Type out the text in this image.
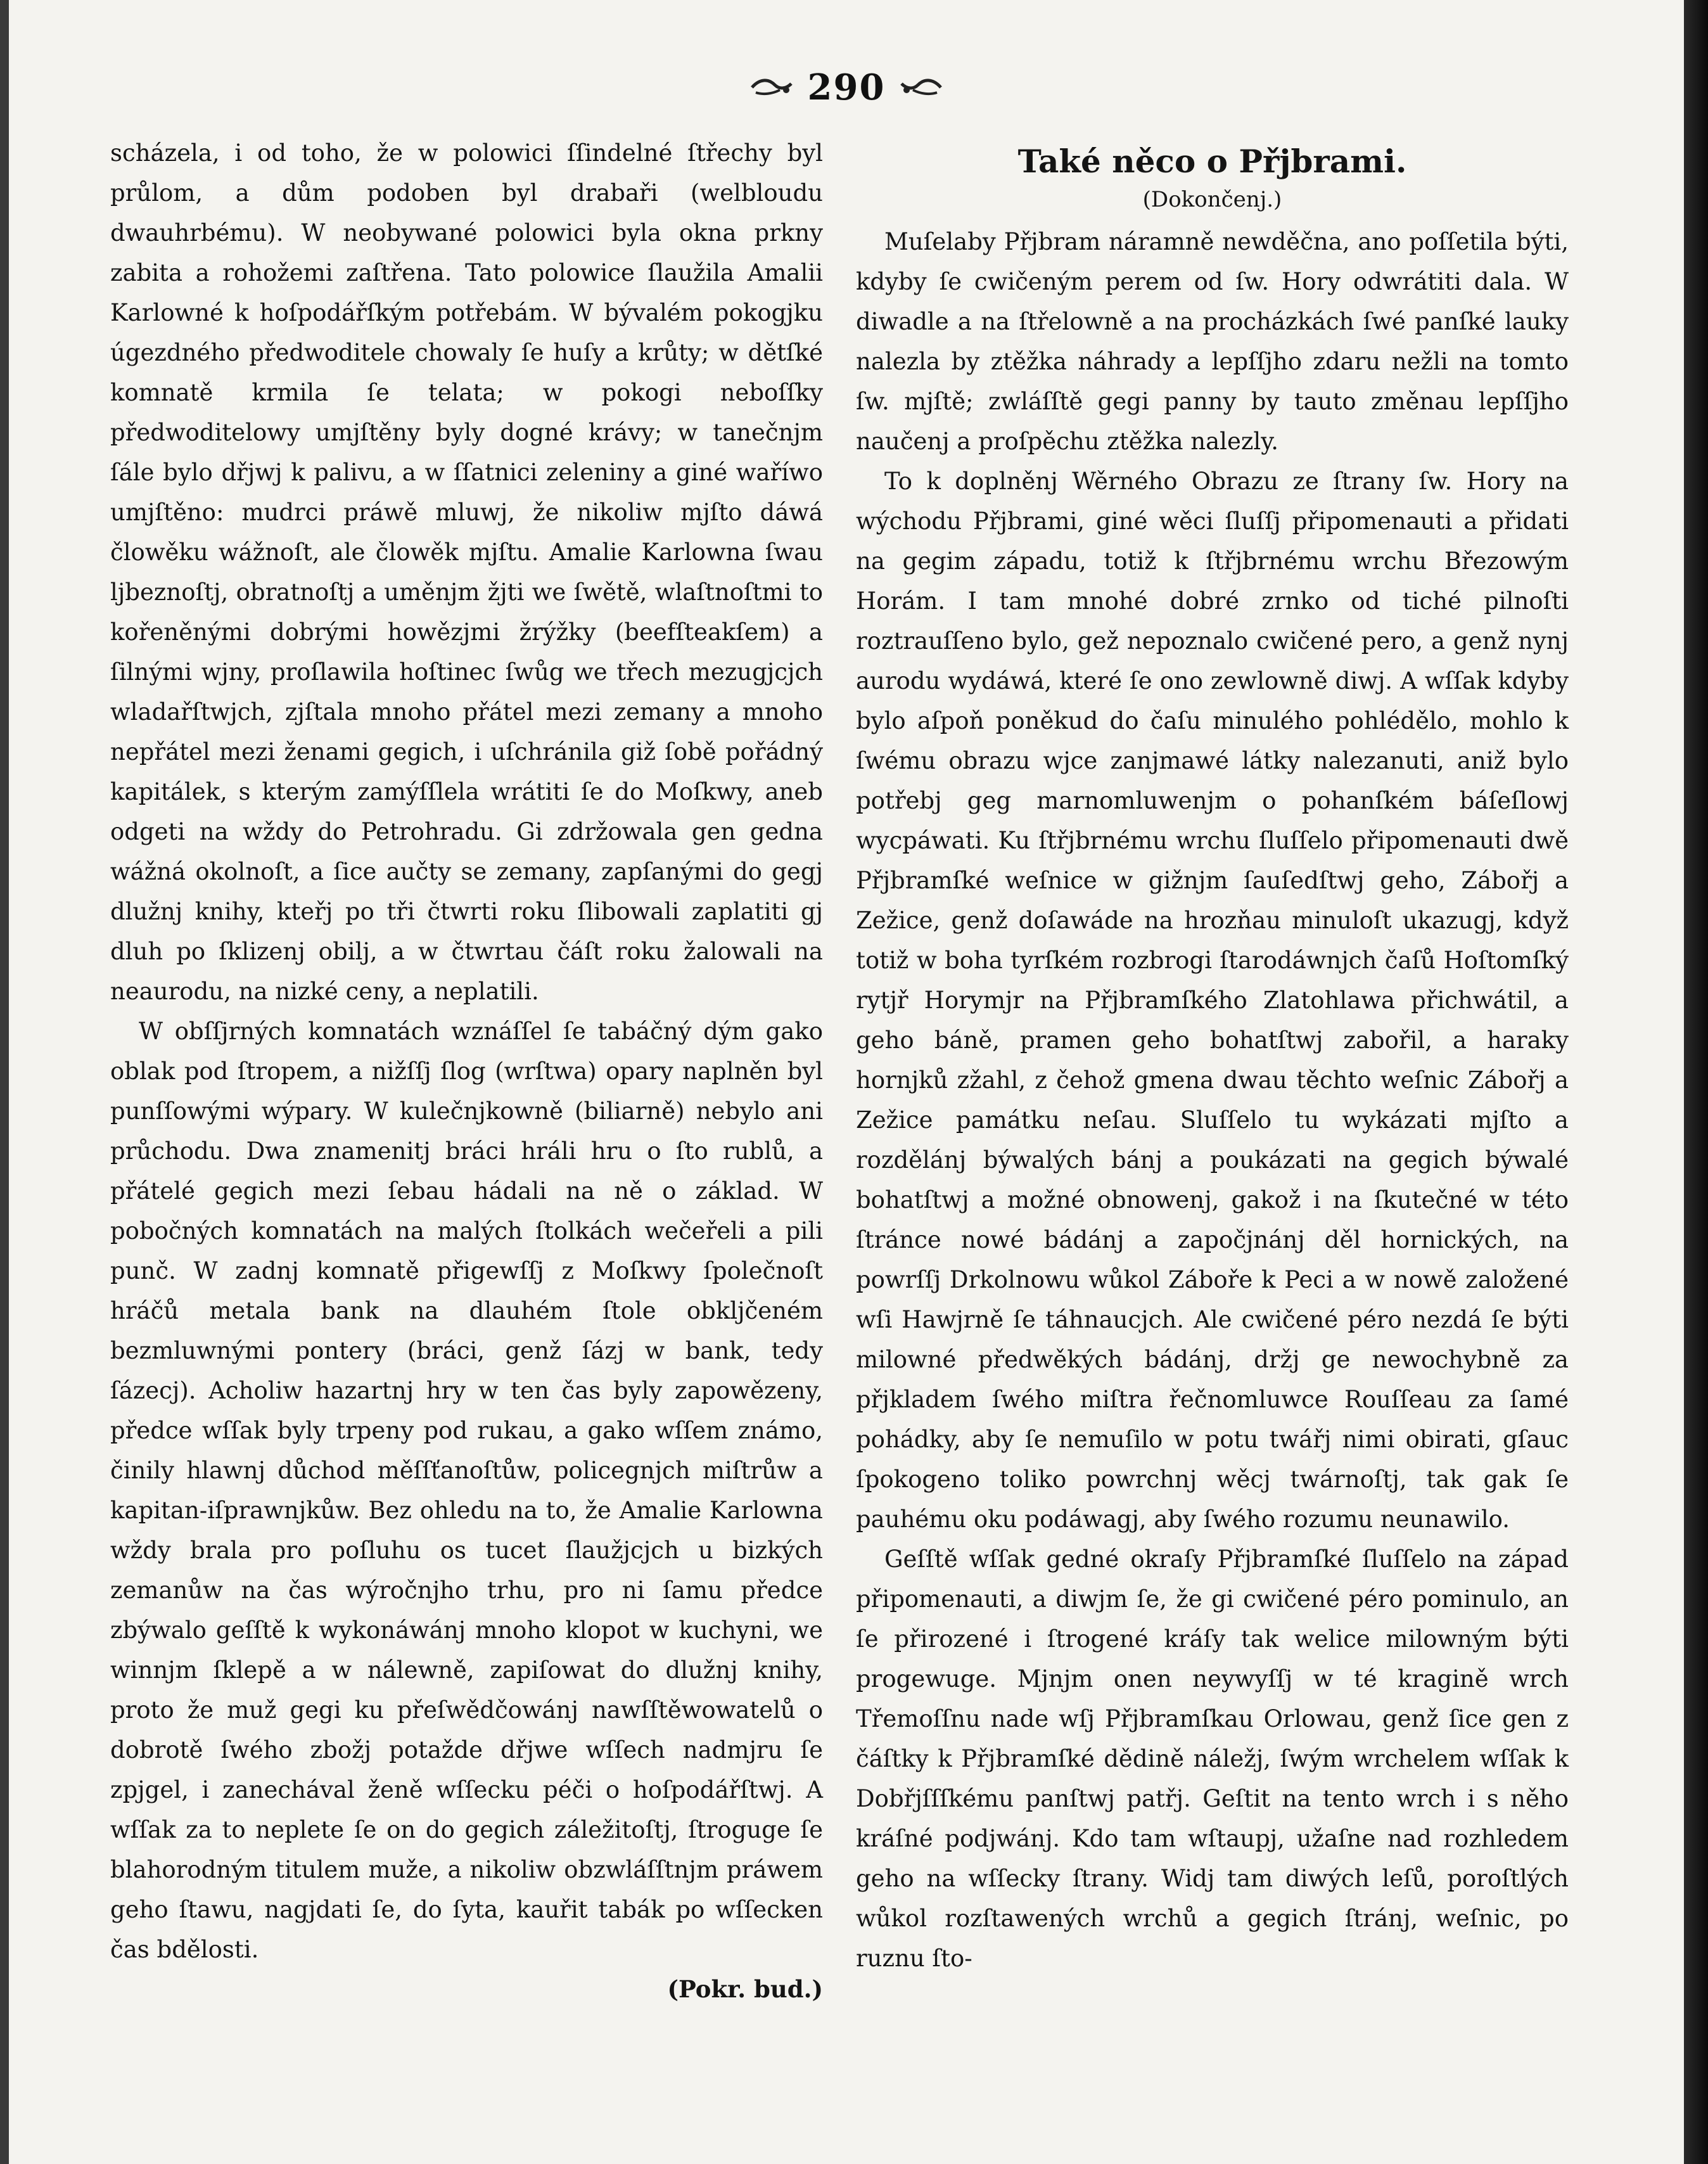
290

scházela, i od toho, že w polowici ſſindelné ſtřechy byl průlom, a dům podoben byl drabaři (welbloudu dwauhrbému). W neobywané polowici byla okna prkny zabita a rohožemi zaſtřena. Tato polowice ſlaužila Amalii Karlowné k hoſpodářſkým potřebám. W bývalém pokogjku úgezdného předwoditele chowaly ſe huſy a krůty; w dětſké komnatě krmila ſe telata; w pokogi neboſſky předwoditelowy umjſtěny byly dogné krávy; w tanečnjm ſále bylo dřjwj k palivu, a w ſſatnici zeleniny a giné waříwo umjſtěno: mudrci práwě mluwj, že nikoliw mjſto dáwá člowěku wážnoſt, ale člowěk mjſtu. Amalie Karlowna ſwau ljbeznoſtj, obratnoſtj a uměnjm žjti we ſwětě, wlaſtnoſtmi to kořeněnými dobrými howězjmi žrýžky (beefſteakſem) a ſilnými wjny, proſlawila hoſtinec ſwůg we třech mezugjcjch wladařſtwjch, zjſtala mnoho přátel mezi zemany a mnoho nepřátel mezi ženami gegich, i uſchránila giž ſobě pořádný kapitálek, s kterým zamýſſlela wrátiti ſe do Moſkwy, aneb odgeti na wždy do Petrohradu. Gi zdržowala gen gedna wážná okolnoſt, a ſice aučty se zemany, zapſanými do gegj dlužnj knihy, kteřj po tři čtwrti roku ſlibowali zaplatiti gj dluh po ſklizenj obilj, a w čtwrtau čáſt roku žalowali na neaurodu, na nizké ceny, a neplatili.

W obſſjrných komnatách wznáſſel ſe tabáčný dým gako oblak pod ſtropem, a nižſſj ſlog (wrſtwa) opary naplněn byl punſſowými wýpary. W kulečnjkowně (biliarně) nebylo ani průchodu. Dwa znamenitj bráci hráli hru o ſto rublů, a přátelé gegich mezi ſebau hádali na ně o základ. W pobočných komnatách na malých ſtolkách wečeřeli a pili punč. W zadnj komnatě přigewſſj z Moſkwy ſpolečnoſt hráčů metala bank na dlauhém ſtole obkljčeném bezmluwnými pontery (bráci, genž ſázj w bank, tedy ſázecj). Acholiw hazartnj hry w ten čas byly zapowězeny, předce wſſak byly trpeny pod rukau, a gako wſſem známo, činily hlawnj důchod měſſťanoſtůw, policegnjch miſtrůw a kapitan-iſprawnjkůw. Bez ohledu na to, že Amalie Karlowna wždy brala pro poſluhu os tucet ſlaužjcjch u bizkých zemanůw na čas wýročnjho trhu, pro ni ſamu předce zbýwalo geſſtě k wykonáwánj mnoho klopot w kuchyni, we winnjm ſklepě a w nálewně, zapiſowat do dlužnj knihy, proto že muž gegi ku přeſwědčowánj nawſſtěwowatelů o dobrotě ſwého zbožj potažde dřjwe wſſech nadmjru ſe zpjgel, i zanechával ženě wſſecku péči o hoſpodářſtwj. A wſſak za to neplete ſe on do gegich záležitoſtj, ſtroguge ſe blahorodným titulem muže, a nikoliw obzwláſſtnjm práwem geho ſtawu, nagjdati ſe, do ſyta, kauřit tabák po wſſecken čas bdělosti.

(Pokr. bud.)
Také něco o Přjbrami.
(Dokončenj.)

Muſelaby Přjbram náramně newděčna, ano poſſetila býti, kdyby ſe cwičeným perem od ſw. Hory odwrátiti dala. W diwadle a na ſtřelowně a na procházkách ſwé panſké lauky nalezla by ztěžka náhrady a lepſſjho zdaru nežli na tomto ſw. mjſtě; zwláſſtě gegi panny by tauto změnau lepſſjho naučenj a proſpěchu ztěžka nalezly.

To k doplněnj Wěrného Obrazu ze ſtrany ſw. Hory na wýchodu Přjbrami, giné wěci ſluſſj připomenauti a přidati na gegim západu, totiž k ſtřjbrnému wrchu Březowým Horám. I tam mnohé dobré zrnko od tiché pilnoſti roztrauſſeno bylo, gež nepoznalo cwičené pero, a genž nynj aurodu wydáwá, které ſe ono zewlowně diwj. A wſſak kdyby bylo aſpoň poněkud do čaſu minulého pohlédělo, mohlo k ſwému obrazu wjce zanjmawé látky nalezanuti, aniž bylo potřebj geg marnomluwenjm o pohanſkém báſeſlowj wycpáwati. Ku ſtřjbrnému wrchu ſluſſelo připomenauti dwě Přjbramſké weſnice w gižnjm ſauſedſtwj geho, Zábořj a Zežice, genž doſawáde na hrozňau minuloſt ukazugj, když totiž w boha tyrſkém rozbrogi ſtarodáwnjch čaſů Hoſtomſký rytjř Horymjr na Přjbramſkého Zlatohlawa přichwátil, a geho báně, pramen geho bohatſtwj zabořil, a haraky hornjků zžahl, z čehož gmena dwau těchto weſnic Zábořj a Zežice památku neſau. Sluſſelo tu wykázati mjſto a rozdělánj býwalých bánj a poukázati na gegich býwalé bohatſtwj a možné obnowenj, gakož i na ſkutečné w této ſtránce nowé bádánj a započjnánj děl hornických, na powrſſj Drkolnowu wůkol Záboře k Peci a w nowě založené wſi Hawjrně ſe táhnaucjch. Ale cwičené péro nezdá ſe býti milowné předwěkých bádánj, držj ge newochybně za přjkladem ſwého miſtra řečnomluwce Rouſſeau za ſamé pohádky, aby ſe nemuſilo w potu twářj nimi obirati, gſauc ſpokogeno toliko powrchnj wěcj twárnoſtj, tak gak ſe pauhému oku podáwagj, aby ſwého rozumu neunawilo.

Geſſtě wſſak gedné okraſy Přjbramſké ſluſſelo na západ připomenauti, a diwjm ſe, že gi cwičené péro pominulo, an ſe přirozené i ſtrogené kráſy tak welice milowným býti progewuge. Mjnjm onen neywyſſj w té kragině wrch Třemoſſnu nade wſj Přjbramſkau Orlowau, genž ſice gen z čáſtky k Přjbramſké dědině náležj, ſwým wrchelem wſſak k Dobřjſſſkému panſtwj patřj. Geſtit na tento wrch i s něho kráſné podjwánj. Kdo tam wſtaupj, užaſne nad rozhledem geho na wſſecky ſtrany. Widj tam diwých leſů, poroſtlých wůkol rozſtawených wrchů a gegich ſtránj, weſnic, po ruznu ſto-
